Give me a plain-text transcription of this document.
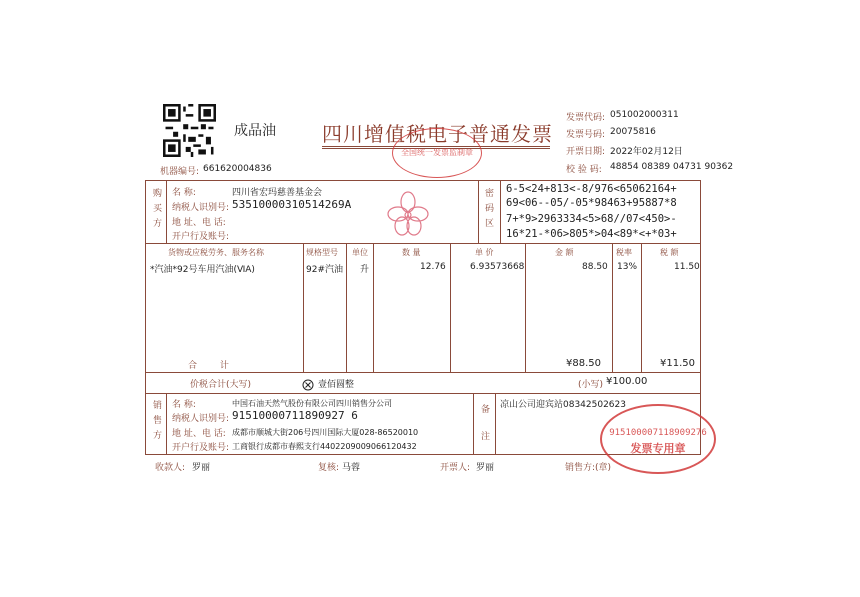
成品油 四川增值税电子普通发票
全国统一发票监制章
机器编号: 661620004836
发票代码: 051002000311
发票号码: 20075816
开票日期: 2022年02月12日
校 验 码: 48854 08389 04731 90362
购买方 名 称:	四川省宏玛慈善基金会
纳税人识别号: 53510000310514269A
地 址、电 话:
开户行及账号:
密码区 6-5<24+813<-8/976<65062164+
69<06--05/-05*98463+95887*8
7+*9>2963334<5>68//07<450>-
16*21-*06>805*>04<89*<+*03+
货物或应税劳务、服务名称	规格型号 单位	数 量	单 价	金 额	税率	税 额
*汽油*92号车用汽油(ⅥA)	92#汽油 升	12.76	6.93573668	88.50 13%	11.50
合 计	¥88.50	¥11.50
价税合计(大写)	壹佰圆整	(小写) ¥100.00
销售方 名 称:	中国石油天然气股份有限公司四川销售分公司
纳税人识别号: 91510000711890927 6
地 址、电 话: 成都市顺城大街206号四川国际大厦028-86520010
开户行及账号: 工商银行成都市春熙支行4402209009066120432	备注 凉山公司迎宾站08342502623
915100007118909276
发票专用章
收款人: 罗丽	复核: 马蓉	开票人: 罗丽	销售方:(章)
